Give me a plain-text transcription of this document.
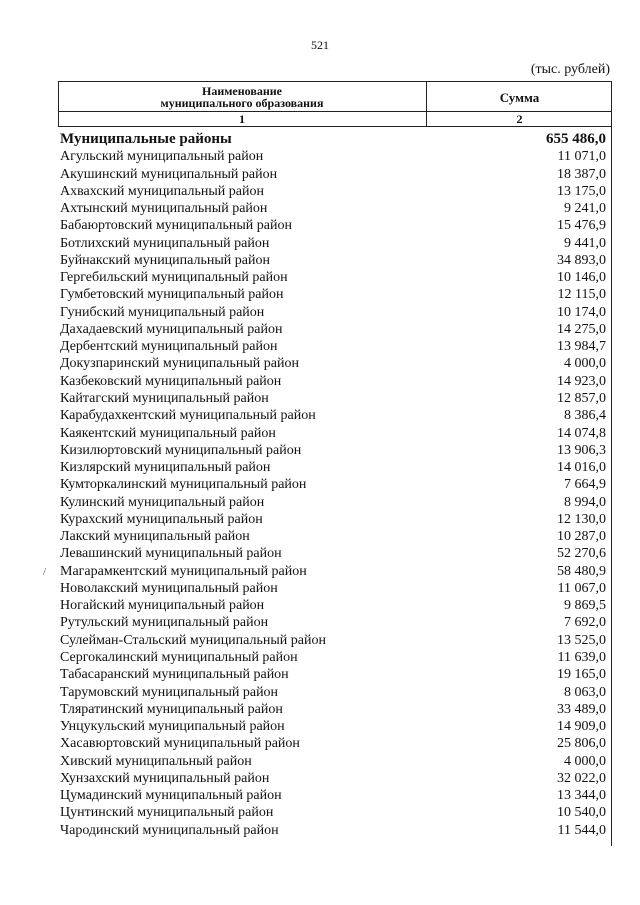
521
(тыс. рублей)
Наименование
муниципального образования	Сумма
1	2
/
Муниципальные районы	655 486,0
Агульский муниципальный район	11 071,0
Акушинский муниципальный район	18 387,0
Ахвахский муниципальный район	13 175,0
Ахтынский муниципальный район	9 241,0
Бабаюртовский муниципальный район	15 476,9
Ботлихский муниципальный район	9 441,0
Буйнакский муниципальный район	34 893,0
Гергебильский муниципальный район	10 146,0
Гумбетовский муниципальный район	12 115,0
Гунибский муниципальный район	10 174,0
Дахадаевский муниципальный район	14 275,0
Дербентский муниципальный район	13 984,7
Докузпаринский муниципальный район	4 000,0
Казбековский муниципальный район	14 923,0
Кайтагский муниципальный район	12 857,0
Карабудахкентский муниципальный район	8 386,4
Каякентский муниципальный район	14 074,8
Кизилюртовский муниципальный район	13 906,3
Кизлярский муниципальный район	14 016,0
Кумторкалинский муниципальный район	7 664,9
Кулинский муниципальный район	8 994,0
Курахский муниципальный район	12 130,0
Лакский муниципальный район	10 287,0
Левашинский муниципальный район	52 270,6
Магарамкентский муниципальный район	58 480,9
Новолакский муниципальный район	11 067,0
Ногайский муниципальный район	9 869,5
Рутульский муниципальный район	7 692,0
Сулейман-Стальский муниципальный район	13 525,0
Сергокалинский муниципальный район	11 639,0
Табасаранский муниципальный район	19 165,0
Тарумовский муниципальный район	8 063,0
Тляратинский муниципальный район	33 489,0
Унцукульский муниципальный район	14 909,0
Хасавюртовский муниципальный район	25 806,0
Хивский муниципальный район	4 000,0
Хунзахский муниципальный район	32 022,0
Цумадинский муниципальный район	13 344,0
Цунтинский муниципальный район	10 540,0
Чародинский муниципальный район	11 544,0
